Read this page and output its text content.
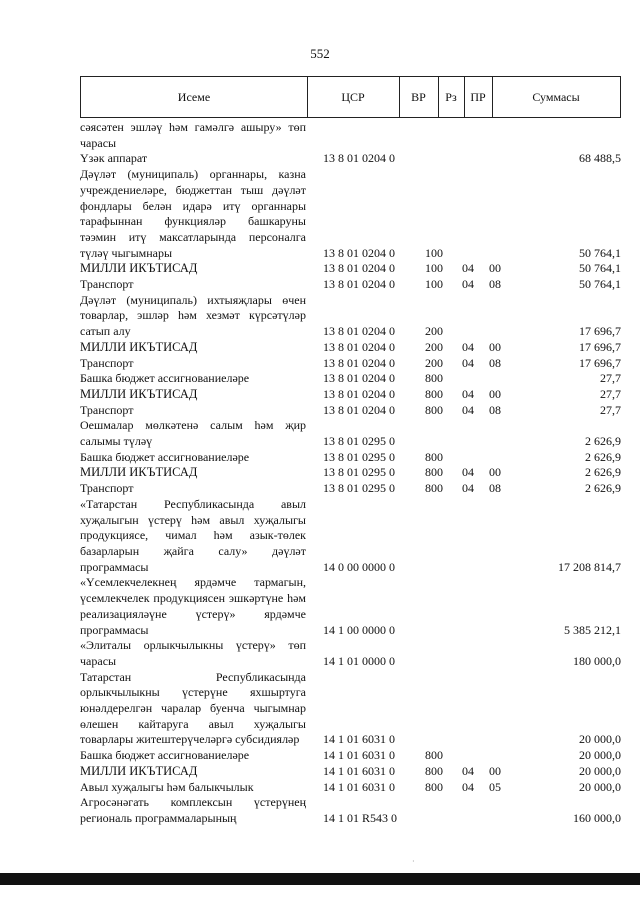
552
Исеме	ЦСР	ВР	Рз	ПР	Суммасы
сәясәтен эшләү һәм гамәлгә ашыру» төп чарасы
Үзәк аппарат	13 8 01 0204 0	68 488,5
Дәүләт (муниципаль) органнары, казна учреждениеләре, бюджеттан тыш дәүләт фондлары белән идарә итү органнары тарафыннан функцияләр башкаруны тәэмин итү максатларында персоналга түләү чыгымнары	13 8 01 0204 0	100	50 764,1
МИЛЛИ ИКЪТИСАД	13 8 01 0204 0	100 04 00	50 764,1
Транспорт	13 8 01 0204 0	100 04 08	50 764,1
Дәүләт (муниципаль) ихтыяҗлары өчен товарлар, эшләр һәм хезмәт күрсәтүләр сатып алу	13 8 01 0204 0	200	17 696,7
МИЛЛИ ИКЪТИСАД	13 8 01 0204 0	200 04 00	17 696,7
Транспорт	13 8 01 0204 0	200 04 08	17 696,7
Башка бюджет ассигнованиеләре	13 8 01 0204 0	800	27,7
МИЛЛИ ИКЪТИСАД	13 8 01 0204 0	800 04 00	27,7
Транспорт	13 8 01 0204 0	800 04 08	27,7
Оешмалар мөлкәтенә салым һәм җир салымы түләү	13 8 01 0295 0	2 626,9
Башка бюджет ассигнованиеләре	13 8 01 0295 0	800	2 626,9
МИЛЛИ ИКЪТИСАД	13 8 01 0295 0	800 04 00	2 626,9
Транспорт	13 8 01 0295 0	800 04 08	2 626,9
«Татарстан Республикасында авыл хуҗалыгын үстерү һәм авыл хуҗалыгы продукциясе, чимал һәм азык-төлек базарларын җайга салу» дәүләт программасы	14 0 00 0000 0	17 208 814,7
«Үсемлекчелекнең ярдәмче тармагын, үсемлекчелек продукциясен эшкәртүне һәм реализацияләүне үстерү» ярдәмче программасы	14 1 00 0000 0	5 385 212,1
«Элиталы орлыкчылыкны үстерү» төп чарасы	14 1 01 0000 0	180 000,0
Татарстан Республикасында орлыкчылыкны үстерүне яхшыртуга юнәлдерелгән чаралар буенча чыгымнар өлешен кайтаруга авыл хуҗалыгы товарлары житештерүчеләргә субсидияләр	14 1 01 6031 0	20 000,0
Башка бюджет ассигнованиеләре	14 1 01 6031 0	800	20 000,0
МИЛЛИ ИКЪТИСАД	14 1 01 6031 0	800 04 00	20 000,0
Авыл хуҗалыгы һәм балыкчылык	14 1 01 6031 0	800 04 05	20 000,0
Агросәнәгать комплексын үстерүнең региональ программаларының	14 1 01 R543 0	160 000,0
·
